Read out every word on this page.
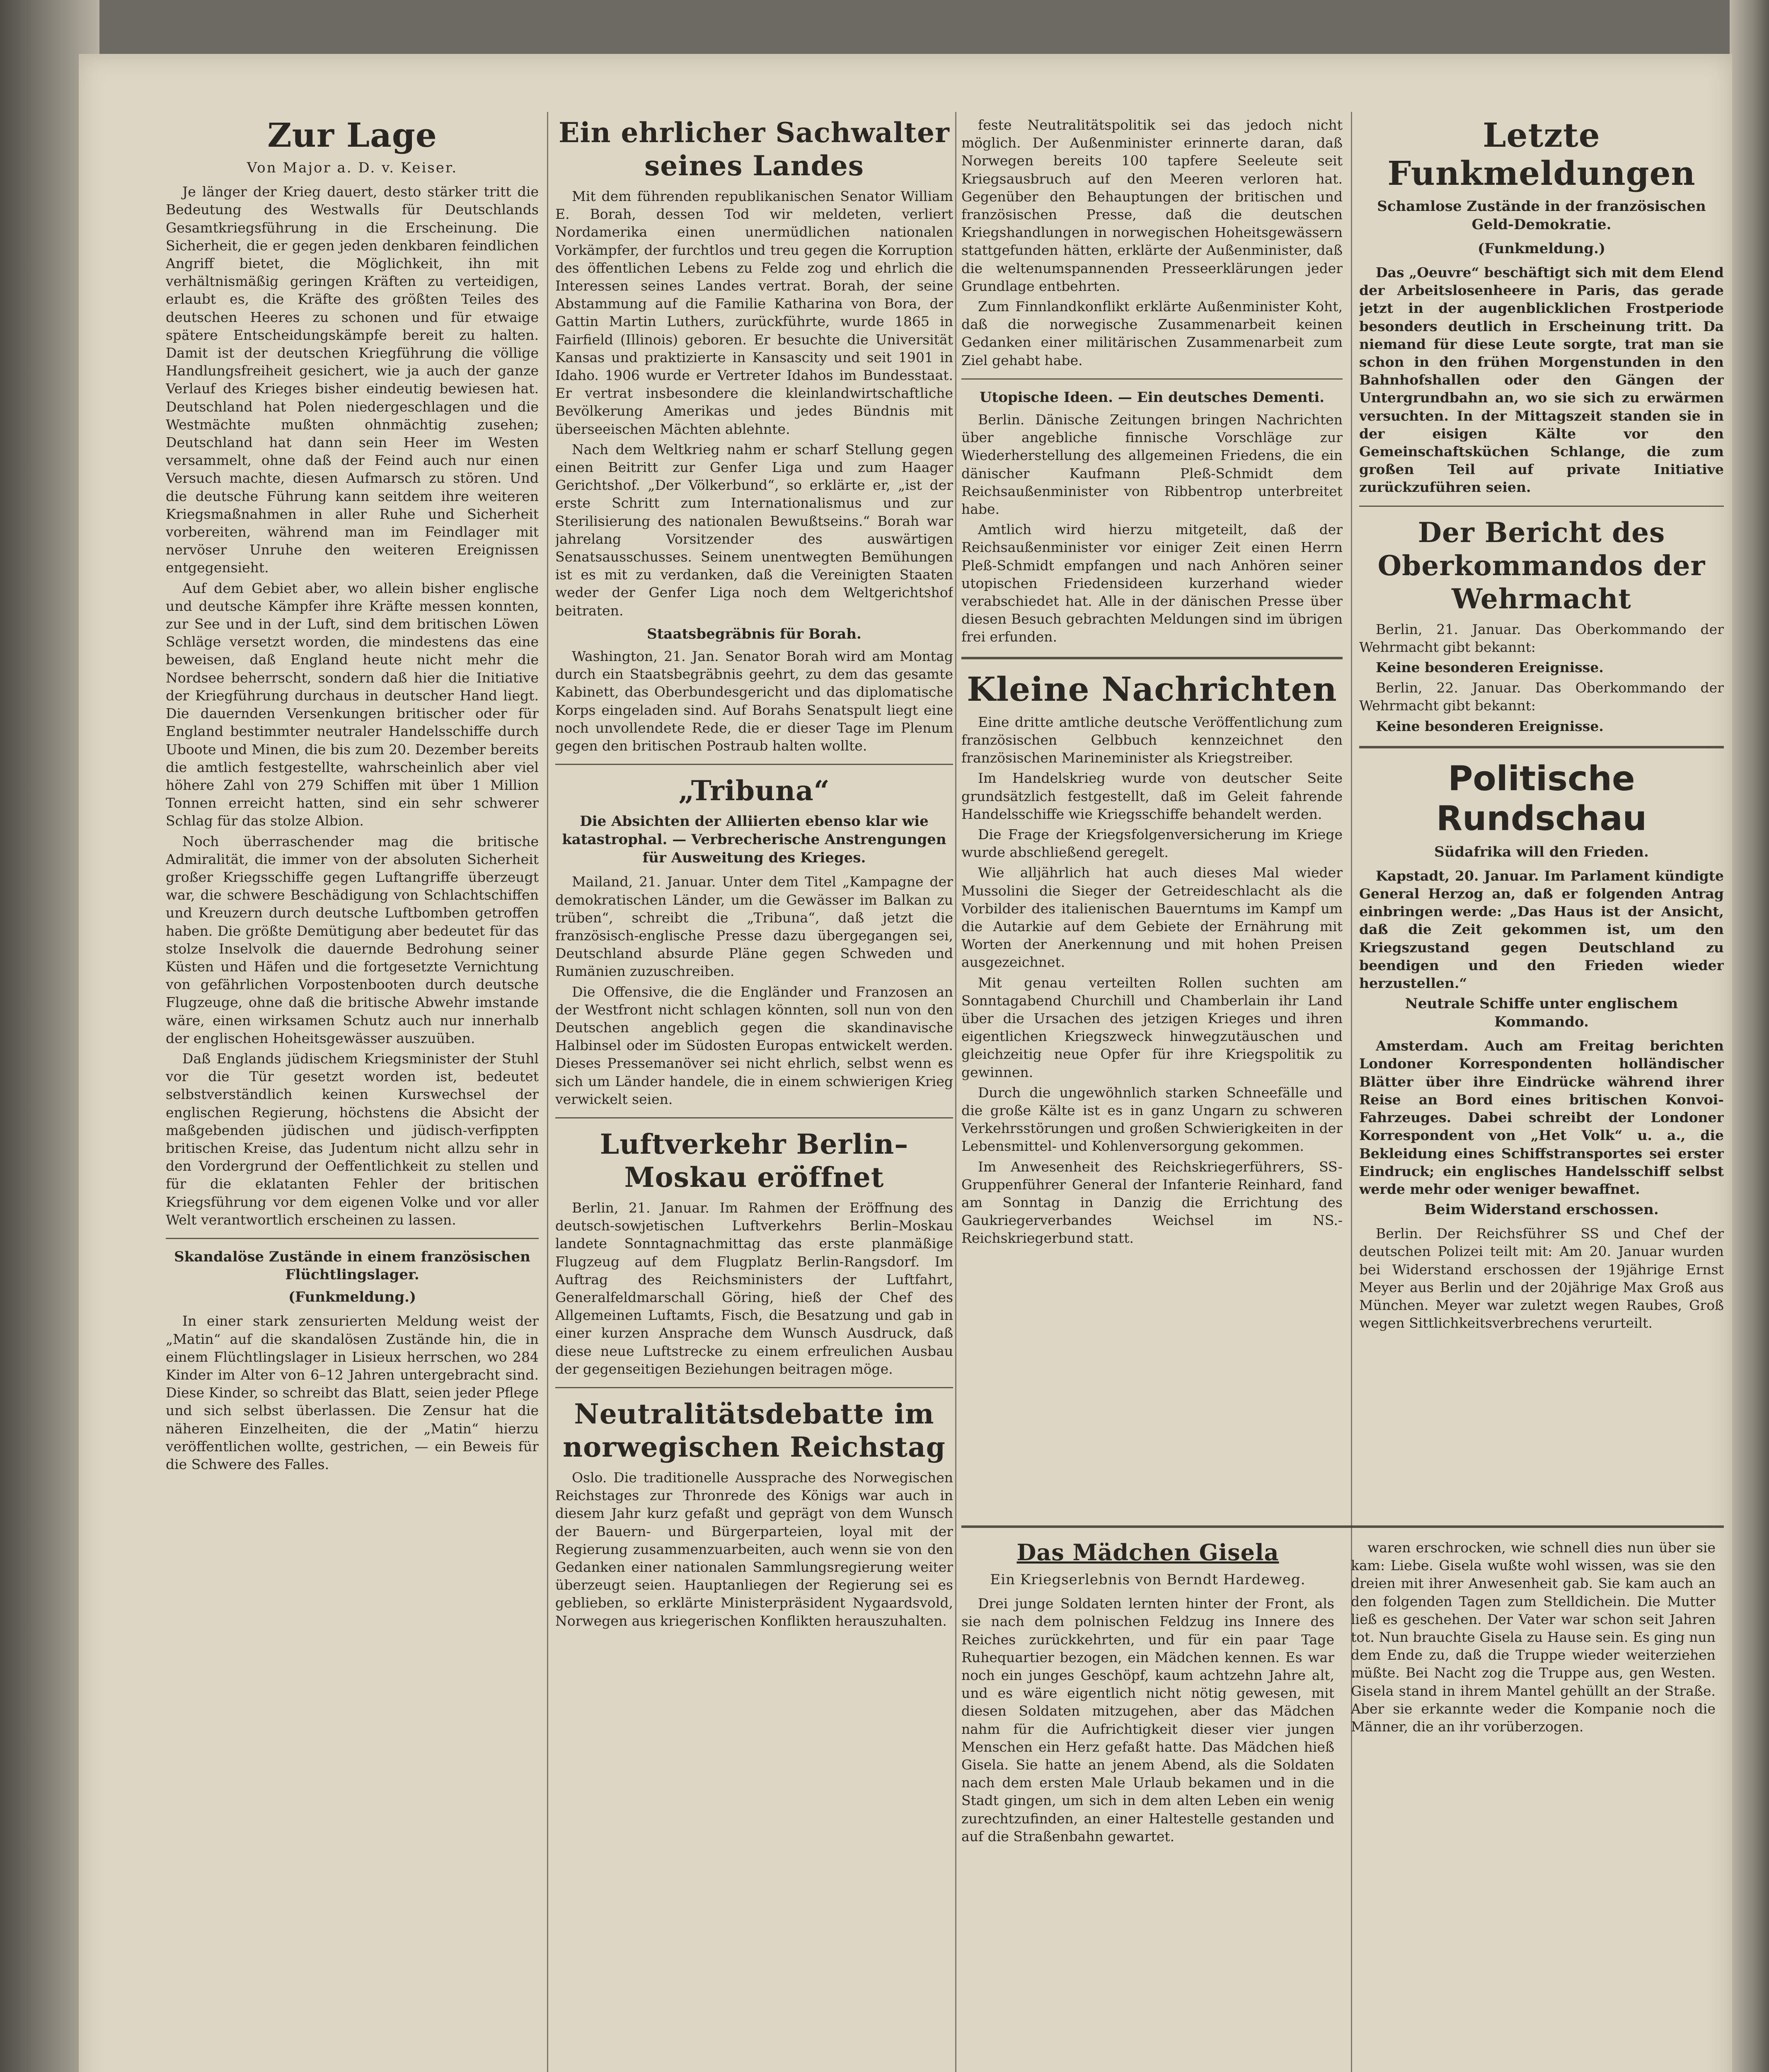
Zur Lage
Von Major a. D. v. Keiser.

Je länger der Krieg dauert, desto stärker tritt die Bedeutung des Westwalls für Deutschlands Gesamtkriegsführung in die Erscheinung. Die Sicherheit, die er gegen jeden denkbaren feindlichen Angriff bietet, die Möglichkeit, ihn mit verhältnismäßig geringen Kräften zu verteidigen, erlaubt es, die Kräfte des größten Teiles des deutschen Heeres zu schonen und für etwaige spätere Entscheidungskämpfe bereit zu halten. Damit ist der deutschen Kriegführung die völlige Handlungsfreiheit gesichert, wie ja auch der ganze Verlauf des Krieges bisher eindeutig bewiesen hat. Deutschland hat Polen niedergeschlagen und die Westmächte mußten ohnmächtig zusehen; Deutschland hat dann sein Heer im Westen versammelt, ohne daß der Feind auch nur einen Versuch machte, diesen Aufmarsch zu stören. Und die deutsche Führung kann seitdem ihre weiteren Kriegsmaßnahmen in aller Ruhe und Sicherheit vorbereiten, während man im Feindlager mit nervöser Unruhe den weiteren Ereignissen entgegensieht.

Auf dem Gebiet aber, wo allein bisher englische und deutsche Kämpfer ihre Kräfte messen konnten, zur See und in der Luft, sind dem britischen Löwen Schläge versetzt worden, die mindestens das eine beweisen, daß England heute nicht mehr die Nordsee beherrscht, sondern daß hier die Initiative der Kriegführung durchaus in deutscher Hand liegt. Die dauernden Versenkungen britischer oder für England bestimmter neutraler Handelsschiffe durch Uboote und Minen, die bis zum 20. Dezember bereits die amtlich festgestellte, wahrscheinlich aber viel höhere Zahl von 279 Schiffen mit über 1 Million Tonnen erreicht hatten, sind ein sehr schwerer Schlag für das stolze Albion.

Noch überraschender mag die britische Admiralität, die immer von der absoluten Sicherheit großer Kriegsschiffe gegen Luftangriffe überzeugt war, die schwere Beschädigung von Schlachtschiffen und Kreuzern durch deutsche Luftbomben getroffen haben. Die größte Demütigung aber bedeutet für das stolze Inselvolk die dauernde Bedrohung seiner Küsten und Häfen und die fortgesetzte Vernichtung von gefährlichen Vorpostenbooten durch deutsche Flugzeuge, ohne daß die britische Abwehr imstande wäre, einen wirksamen Schutz auch nur innerhalb der englischen Hoheitsgewässer auszuüben.

Daß Englands jüdischem Kriegsminister der Stuhl vor die Tür gesetzt worden ist, bedeutet selbstverständlich keinen Kurswechsel der englischen Regierung, höchstens die Absicht der maßgebenden jüdischen und jüdisch-verfippten britischen Kreise, das Judentum nicht allzu sehr in den Vordergrund der Oeffentlichkeit zu stellen und für die eklatanten Fehler der britischen Kriegsführung vor dem eigenen Volke und vor aller Welt verantwortlich erscheinen zu lassen.

Skandalöse Zustände in einem französischen Flüchtlingslager.
(Funkmeldung.)

In einer stark zensurierten Meldung weist der „Matin“ auf die skandalösen Zustände hin, die in einem Flüchtlingslager in Lisieux herrschen, wo 284 Kinder im Alter von 6–12 Jahren untergebracht sind. Diese Kinder, so schreibt das Blatt, seien jeder Pflege und sich selbst überlassen. Die Zensur hat die näheren Einzelheiten, die der „Matin“ hierzu veröffentlichen wollte, gestrichen, — ein Beweis für die Schwere des Falles.

Ein ehrlicher Sachwalter seines Landes

Mit dem führenden republikanischen Senator William E. Borah, dessen Tod wir meldeten, verliert Nordamerika einen unermüdlichen nationalen Vorkämpfer, der furchtlos und treu gegen die Korruption des öffentlichen Lebens zu Felde zog und ehrlich die Interessen seines Landes vertrat. Borah, der seine Abstammung auf die Familie Katharina von Bora, der Gattin Martin Luthers, zurückführte, wurde 1865 in Fairfield (Illinois) geboren. Er besuchte die Universität Kansas und praktizierte in Kansascity und seit 1901 in Idaho. 1906 wurde er Vertreter Idahos im Bundesstaat. Er vertrat insbesondere die kleinlandwirtschaftliche Bevölkerung Amerikas und jedes Bündnis mit überseeischen Mächten ablehnte.

Nach dem Weltkrieg nahm er scharf Stellung gegen einen Beitritt zur Genfer Liga und zum Haager Gerichtshof. „Der Völkerbund“, so erklärte er, „ist der erste Schritt zum Internationalismus und zur Sterilisierung des nationalen Bewußtseins.“ Borah war jahrelang Vorsitzender des auswärtigen Senatsausschusses. Seinem unentwegten Bemühungen ist es mit zu verdanken, daß die Vereinigten Staaten weder der Genfer Liga noch dem Weltgerichtshof beitraten.

Staatsbegräbnis für Borah.

Washington, 21. Jan. Senator Borah wird am Montag durch ein Staatsbegräbnis geehrt, zu dem das gesamte Kabinett, das Oberbundesgericht und das diplomatische Korps eingeladen sind. Auf Borahs Senatspult liegt eine noch unvollendete Rede, die er dieser Tage im Plenum gegen den britischen Postraub halten wollte.

„Tribuna“
Die Absichten der Alliierten ebenso klar wie katastrophal. — Verbrecherische Anstrengungen für Ausweitung des Krieges.

Mailand, 21. Januar. Unter dem Titel „Kampagne der demokratischen Länder, um die Gewässer im Balkan zu trüben“, schreibt die „Tribuna“, daß jetzt die französisch-englische Presse dazu übergegangen sei, Deutschland absurde Pläne gegen Schweden und Rumänien zuzuschreiben.

Die Offensive, die die Engländer und Franzosen an der Westfront nicht schlagen könnten, soll nun von den Deutschen angeblich gegen die skandinavische Halbinsel oder im Südosten Europas entwickelt werden. Dieses Pressemanöver sei nicht ehrlich, selbst wenn es sich um Länder handele, die in einem schwierigen Krieg verwickelt seien.

Luftverkehr Berlin–Moskau eröffnet

Berlin, 21. Januar. Im Rahmen der Eröffnung des deutsch-sowjetischen Luftverkehrs Berlin–Moskau landete Sonntagnachmittag das erste planmäßige Flugzeug auf dem Flugplatz Berlin-Rangsdorf. Im Auftrag des Reichsministers der Luftfahrt, Generalfeldmarschall Göring, hieß der Chef des Allgemeinen Luftamts, Fisch, die Besatzung und gab in einer kurzen Ansprache dem Wunsch Ausdruck, daß diese neue Luftstrecke zu einem erfreulichen Ausbau der gegenseitigen Beziehungen beitragen möge.

Neutralitätsdebatte im norwegischen Reichstag

Oslo. Die traditionelle Aussprache des Norwegischen Reichstages zur Thronrede des Königs war auch in diesem Jahr kurz gefaßt und geprägt von dem Wunsch der Bauern- und Bürgerparteien, loyal mit der Regierung zusammenzuarbeiten, auch wenn sie von den Gedanken einer nationalen Sammlungsregierung weiter überzeugt seien. Hauptanliegen der Regierung sei es geblieben, so erklärte Ministerpräsident Nygaardsvold, Norwegen aus kriegerischen Konflikten herauszuhalten.

feste Neutralitätspolitik sei das jedoch nicht möglich. Der Außenminister erinnerte daran, daß Norwegen bereits 100 tapfere Seeleute seit Kriegsausbruch auf den Meeren verloren hat. Gegenüber den Behauptungen der britischen und französischen Presse, daß die deutschen Kriegshandlungen in norwegischen Hoheitsgewässern stattgefunden hätten, erklärte der Außenminister, daß die weltenumspannenden Presseerklärungen jeder Grundlage entbehrten.

Zum Finnlandkonflikt erklärte Außenminister Koht, daß die norwegische Zusammenarbeit keinen Gedanken einer militärischen Zusammenarbeit zum Ziel gehabt habe.

Utopische Ideen. — Ein deutsches Dementi.

Berlin. Dänische Zeitungen bringen Nachrichten über angebliche finnische Vorschläge zur Wiederherstellung des allgemeinen Friedens, die ein dänischer Kaufmann Pleß-Schmidt dem Reichsaußenminister von Ribbentrop unterbreitet habe.

Amtlich wird hierzu mitgeteilt, daß der Reichsaußenminister vor einiger Zeit einen Herrn Pleß-Schmidt empfangen und nach Anhören seiner utopischen Friedensideen kurzerhand wieder verabschiedet hat. Alle in der dänischen Presse über diesen Besuch gebrachten Meldungen sind im übrigen frei erfunden.

Kleine Nachrichten

Eine dritte amtliche deutsche Veröffentlichung zum französischen Gelbbuch kennzeichnet den französischen Marineminister als Kriegstreiber.

Im Handelskrieg wurde von deutscher Seite grundsätzlich festgestellt, daß im Geleit fahrende Handelsschiffe wie Kriegsschiffe behandelt werden.

Die Frage der Kriegsfolgenversicherung im Kriege wurde abschließend geregelt.

Wie alljährlich hat auch dieses Mal wieder Mussolini die Sieger der Getreideschlacht als die Vorbilder des italienischen Bauerntums im Kampf um die Autarkie auf dem Gebiete der Ernährung mit Worten der Anerkennung und mit hohen Preisen ausgezeichnet.

Mit genau verteilten Rollen suchten am Sonntagabend Churchill und Chamberlain ihr Land über die Ursachen des jetzigen Krieges und ihren eigentlichen Kriegszweck hinwegzutäuschen und gleichzeitig neue Opfer für ihre Kriegspolitik zu gewinnen.

Durch die ungewöhnlich starken Schneefälle und die große Kälte ist es in ganz Ungarn zu schweren Verkehrsstörungen und großen Schwierigkeiten in der Lebensmittel- und Kohlenversorgung gekommen.

Im Anwesenheit des Reichskriegerführers, SS-Gruppenführer General der Infanterie Reinhard, fand am Sonntag in Danzig die Errichtung des Gaukriegerverbandes Weichsel im NS.-Reichskriegerbund statt.

Letzte Funkmeldungen
Schamlose Zustände in der französischen Geld-Demokratie.
(Funkmeldung.)

Das „Oeuvre“ beschäftigt sich mit dem Elend der Arbeitslosenheere in Paris, das gerade jetzt in der augenblicklichen Frostperiode besonders deutlich in Erscheinung tritt. Da niemand für diese Leute sorgte, trat man sie schon in den frühen Morgenstunden in den Bahnhofshallen oder den Gängen der Untergrundbahn an, wo sie sich zu erwärmen versuchten. In der Mittagszeit standen sie in der eisigen Kälte vor den Gemeinschaftsküchen Schlange, die zum großen Teil auf private Initiative zurückzuführen seien.

Der Bericht des Oberkommandos der Wehrmacht

Berlin, 21. Januar. Das Oberkommando der Wehrmacht gibt bekannt:

Keine besonderen Ereignisse.

Berlin, 22. Januar. Das Oberkommando der Wehrmacht gibt bekannt:

Keine besonderen Ereignisse.

Politische Rundschau
Südafrika will den Frieden.

Kapstadt, 20. Januar. Im Parlament kündigte General Herzog an, daß er folgenden Antrag einbringen werde: „Das Haus ist der Ansicht, daß die Zeit gekommen ist, um den Kriegszustand gegen Deutschland zu beendigen und den Frieden wieder herzustellen.“

Neutrale Schiffe unter englischem Kommando.

Amsterdam. Auch am Freitag berichten Londoner Korrespondenten holländischer Blätter über ihre Eindrücke während ihrer Reise an Bord eines britischen Konvoi-Fahrzeuges. Dabei schreibt der Londoner Korrespondent von „Het Volk“ u. a., die Bekleidung eines Schiffstransportes sei erster Eindruck; ein englisches Handelsschiff selbst werde mehr oder weniger bewaffnet.

Beim Widerstand erschossen.

Berlin. Der Reichsführer SS und Chef der deutschen Polizei teilt mit: Am 20. Januar wurden bei Widerstand erschossen der 19jährige Ernst Meyer aus Berlin und der 20jährige Max Groß aus München. Meyer war zuletzt wegen Raubes, Groß wegen Sittlichkeitsverbrechens verurteilt.

Das Mädchen Gisela
Ein Kriegserlebnis von Berndt Hardeweg.

Drei junge Soldaten lernten hinter der Front, als sie nach dem polnischen Feldzug ins Innere des Reiches zurückkehrten, und für ein paar Tage Ruhequartier bezogen, ein Mädchen kennen. Es war noch ein junges Geschöpf, kaum achtzehn Jahre alt, und es wäre eigentlich nicht nötig gewesen, mit diesen Soldaten mitzugehen, aber das Mädchen nahm für die Aufrichtigkeit dieser vier jungen Menschen ein Herz gefaßt hatte. Das Mädchen hieß Gisela. Sie hatte an jenem Abend, als die Soldaten nach dem ersten Male Urlaub bekamen und in die Stadt gingen, um sich in dem alten Leben ein wenig zurechtzufinden, an einer Haltestelle gestanden und auf die Straßenbahn gewartet.

waren erschrocken, wie schnell dies nun über sie kam: Liebe. Gisela wußte wohl wissen, was sie den dreien mit ihrer Anwesenheit gab. Sie kam auch an den folgenden Tagen zum Stelldichein. Die Mutter ließ es geschehen. Der Vater war schon seit Jahren tot. Nun brauchte Gisela zu Hause sein. Es ging nun dem Ende zu, daß die Truppe wieder weiterziehen müßte. Bei Nacht zog die Truppe aus, gen Westen. Gisela stand in ihrem Mantel gehüllt an der Straße. Aber sie erkannte weder die Kompanie noch die Männer, die an ihr vorüberzogen.
